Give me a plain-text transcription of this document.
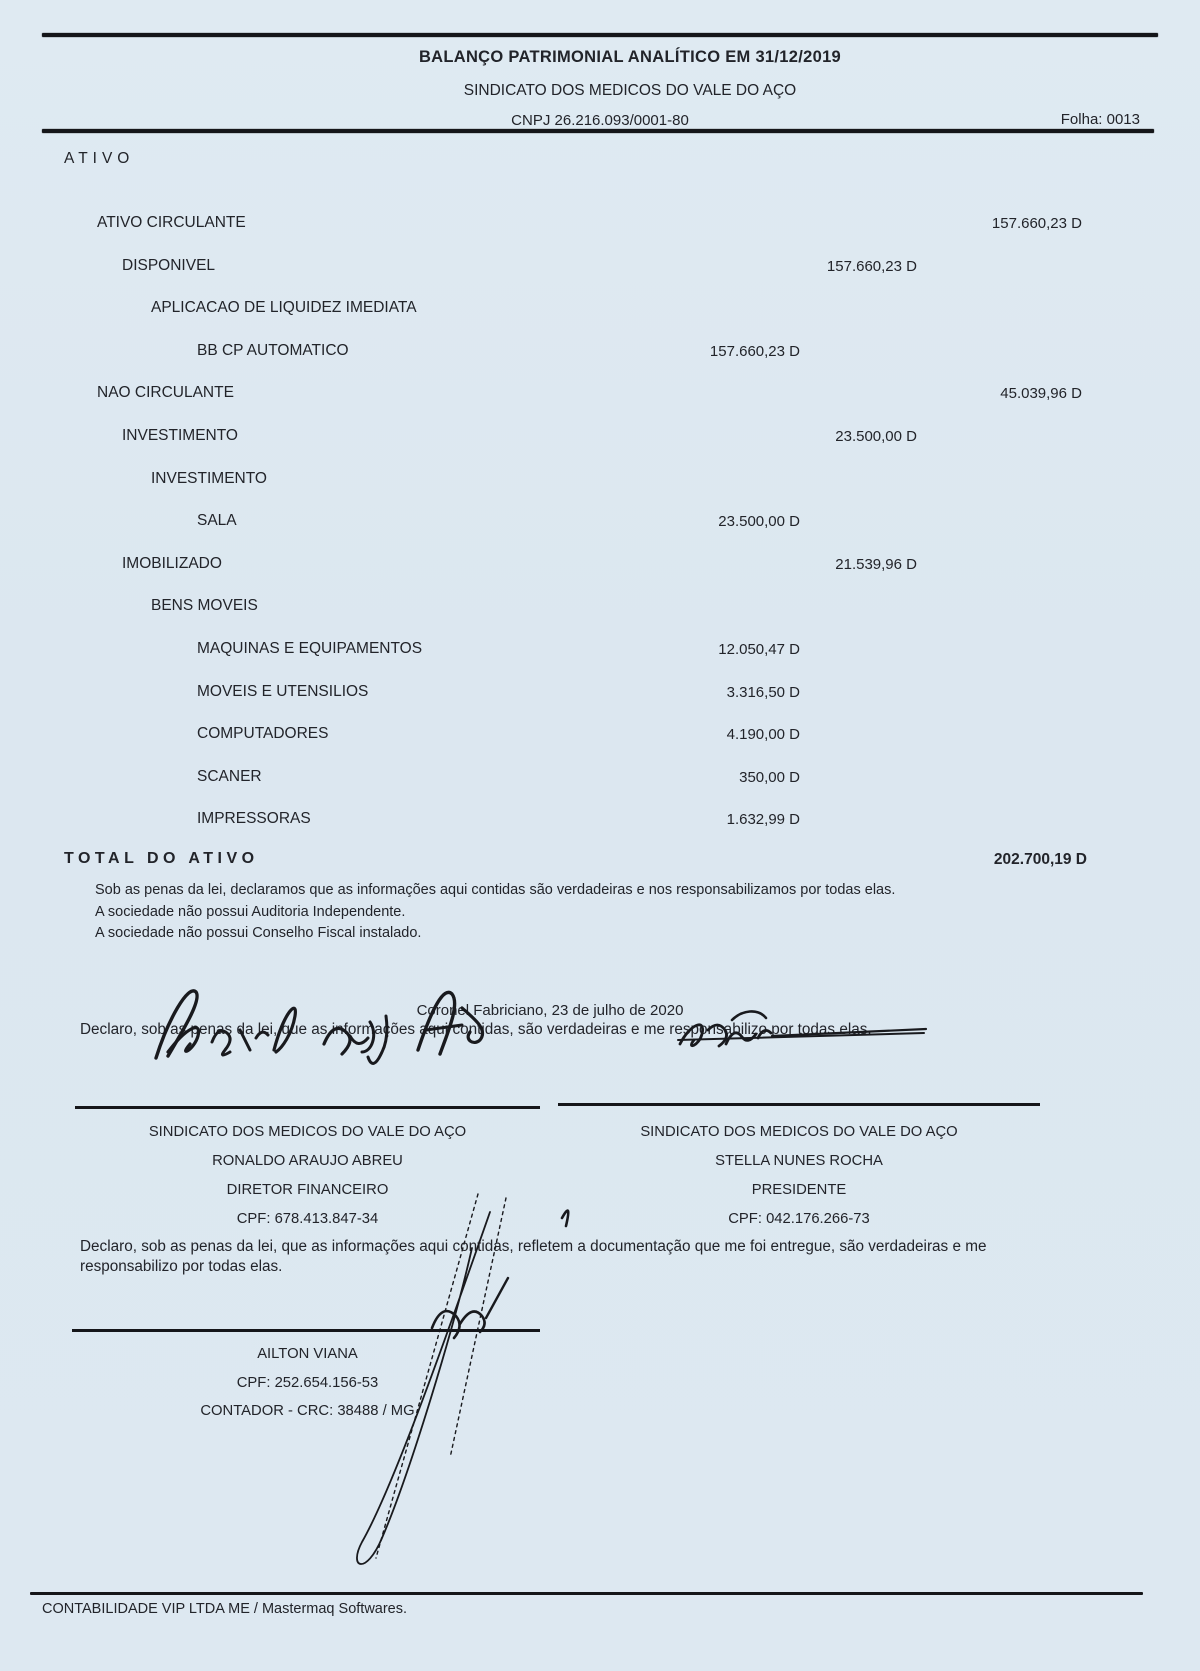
BALANÇO PATRIMONIAL ANALÍTICO EM 31/12/2019
SINDICATO DOS MEDICOS DO VALE DO AÇO
CNPJ 26.216.093/0001-80	Folha: 0013
ATIVO
ATIVO CIRCULANTE	157.660,23 D
DISPONIVEL	157.660,23 D
APLICACAO DE LIQUIDEZ IMEDIATA
BB CP AUTOMATICO	157.660,23 D
NAO CIRCULANTE	45.039,96 D
INVESTIMENTO	23.500,00 D
INVESTIMENTO
SALA	23.500,00 D
IMOBILIZADO	21.539,96 D
BENS MOVEIS
MAQUINAS E EQUIPAMENTOS	12.050,47 D
MOVEIS E UTENSILIOS	3.316,50 D
COMPUTADORES	4.190,00 D
SCANER	350,00 D
IMPRESSORAS	1.632,99 D
TOTAL DO ATIVO	202.700,19 D
Sob as penas da lei, declaramos que as informações aqui contidas são verdadeiras e nos responsabilizamos por todas elas.
A sociedade não possui Auditoria Independente.
A sociedade não possui Conselho Fiscal instalado.
Coronel Fabriciano, 23 de julho de 2020
Declaro, sob as penas da lei, que as informações aqui contidas, são verdadeiras e me responsabilizo por todas elas.
SINDICATO DOS MEDICOS DO VALE DO AÇO
RONALDO ARAUJO ABREU
DIRETOR FINANCEIRO
CPF: 678.413.847-34
SINDICATO DOS MEDICOS DO VALE DO AÇO
STELLA NUNES ROCHA
PRESIDENTE
CPF: 042.176.266-73
Declaro, sob as penas da lei, que as informações aqui contidas, refletem a documentação que me foi entregue, são verdadeiras e me responsabilizo por todas elas.
AILTON VIANA
CPF: 252.654.156-53
CONTADOR - CRC: 38488 / MG
CONTABILIDADE VIP LTDA ME / Mastermaq Softwares.
